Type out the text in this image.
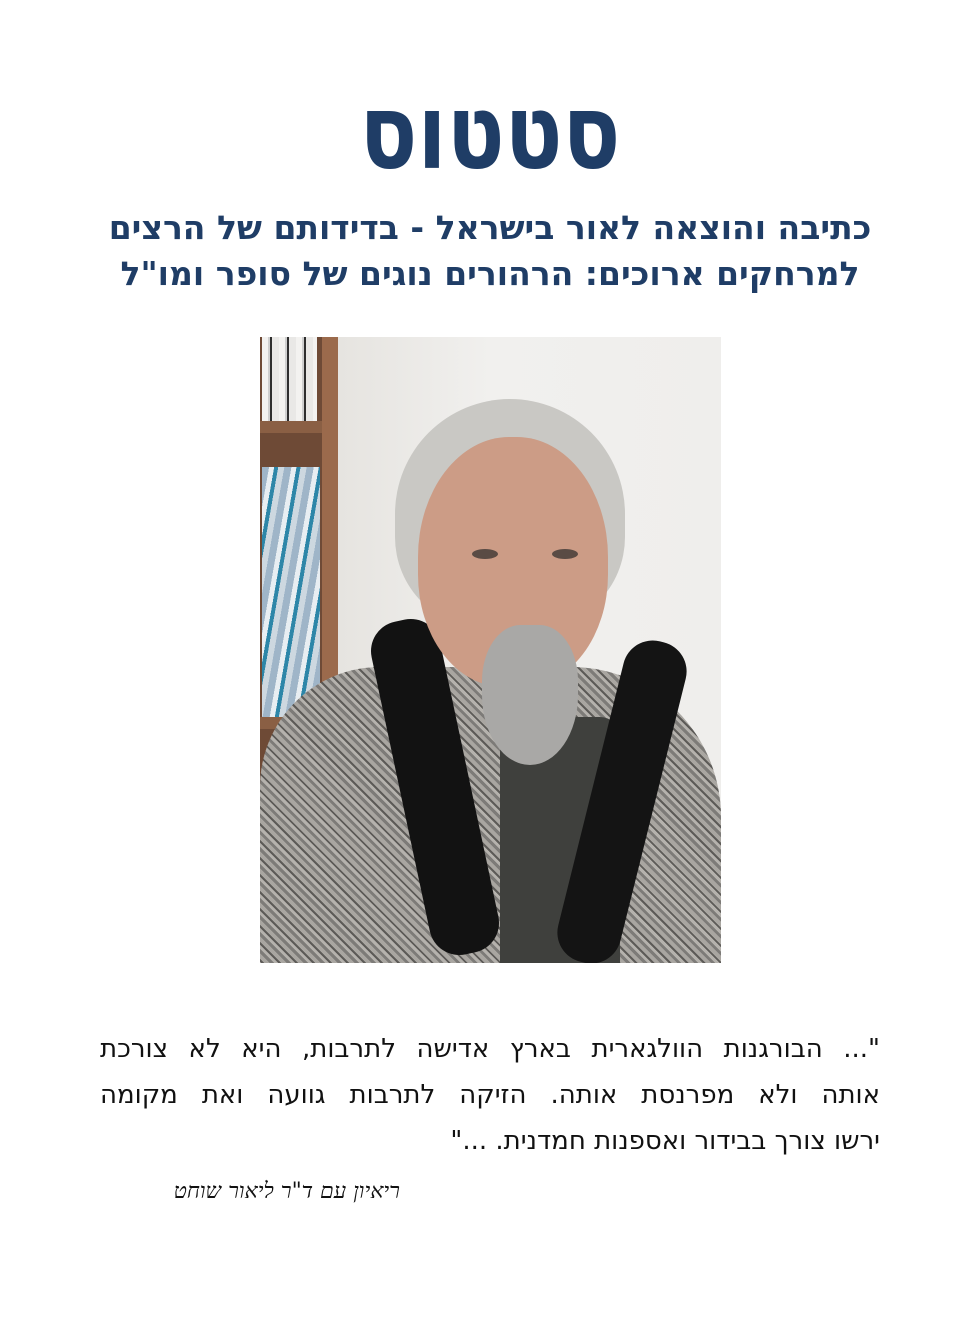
סטטוס
כתיבה והוצאה לאור בישראל - בדידותם של הרצים
למרחקים ארוכים: הרהורים נוגים של סופר ומו"ל
"... הבורגנות הוולגארית בארץ אדישה לתרבות, היא לא צורכת
אותה ולא מפרנסת אותה. הזיקה לתרבות גוועה ואת מקומה
ירשו צורך בבידור ואספנות חמדנית. ..."
ריאיון עם ד"ר ליאור שוחט
